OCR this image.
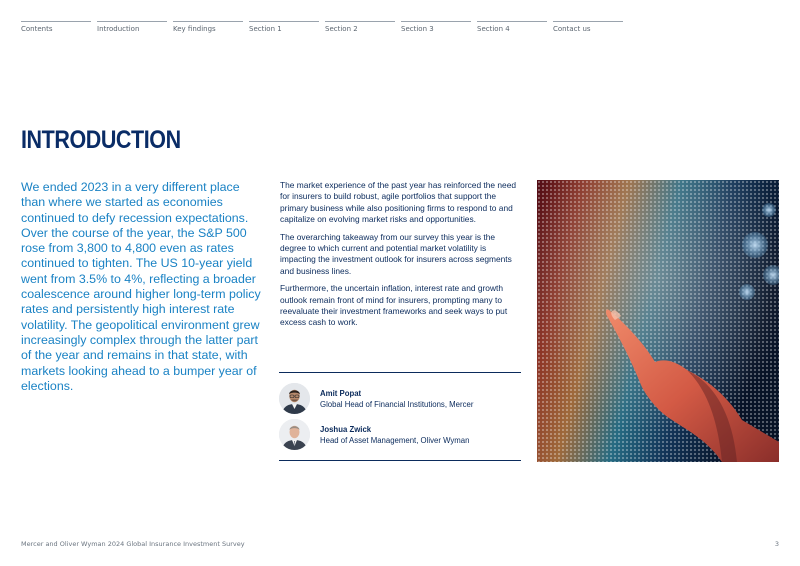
Contents	Introduction	Key findings	Section 1	Section 2	Section 3	Section 4	Contact us
INTRODUCTION

We ended 2023 in a very different place than where we started as economies continued to defy recession expectations. Over the course of the year, the S&P 500 rose from 3,800 to 4,800 even as rates continued to tighten. The US 10-year yield went from 3.5% to 4%, reflecting a broader coalescence around higher long-term policy rates and persistently high interest rate volatility. The geopolitical environment grew increasingly complex through the latter part of the year and remains in that state, with markets looking ahead to a bumper year of elections.

The market experience of the past year has reinforced the need for insurers to build robust, agile portfolios that support the primary business while also positioning firms to respond to and capitalize on evolving market risks and opportunities.

The overarching takeaway from our survey this year is the degree to which current and potential market volatility is impacting the investment outlook for insurers across segments and business lines.

Furthermore, the uncertain inflation, interest rate and growth outlook remain front of mind for insurers, prompting many to reevaluate their investment frameworks and seek ways to put excess cash to work.

Amit Popat
Global Head of Financial Institutions, Mercer
Joshua Zwick
Head of Asset Management, Oliver Wyman
Mercer and Oliver Wyman 2024 Global Insurance Investment Survey	3
